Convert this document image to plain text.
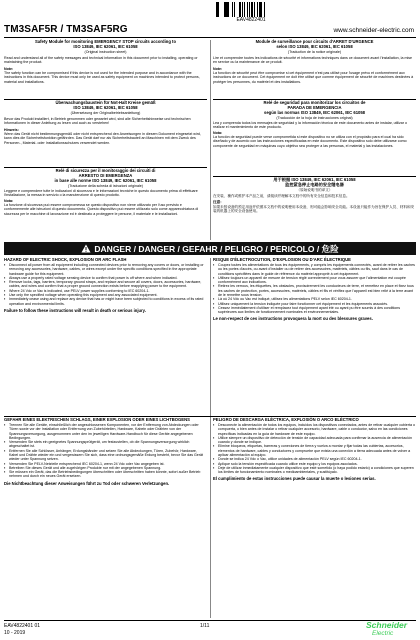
EAV4822401
TM3SAF5R / TM3SAF5RG	www.schneider-electric.com
Safety Module for monitoring EMERGENCY STOP circuits according to
ISO 13849, IEC 62061, IEC 61058
(Original instruction sheet)
Read and understand all of the safety messages and technical information in this document prior to installing, operating or maintaining the product.
Note:
The safety function can be compromised if this device is not used for the intended purpose and in accordance with the instructions in this document. This device must only be used as safety equipment on machines intended to protect persons, material and installations.
Überwachungsbaustein für Not-Halt Kreise gemäß
ISO 13849, IEC 62061, IEC 61058
(Übersetzung der Originalbetriebsanleitung)
Bevor das Produkt installiert, in Betrieb genommen oder gewartet wird, sind alle Sicherheitshinweise und technischen Informationen in dieser Anleitung zu lesen und auch zu verstehen!
Hinweis:
Wenn das Gerät nicht bestimmungsgemäß oder nicht entsprechend den Anweisungen in diesem Dokument eingesetzt wird, kann dies die Sicherheitsfunktion gefährden. Das Gerät darf nur als Sicherheitsbauteil an Maschinen mit dem Zweck des Personen-, Material- oder Installationsschutzes verwendet werden.
Relè di sicurezza per il monitoraggio dei circuiti di
ARRESTO DI EMERGENZA
in base alle norme ISO 13849, IEC 62061, IEC 61058
(Traduzione della scheda di istruzioni originale)
Leggere e comprendere tutte le indicazioni di sicurezza e le informazioni tecniche in questo documento prima di effettuare l'installazione, la messa in servizio o la manutenzione di questo prodotto.
Nota:
La funzione di sicurezza può essere compromessa se questo dispositivo non viene utilizzato per l'uso previsto e conformemente alle istruzioni di questo documento. Questo dispositivo può essere utilizzato solo come apparecchiatura di sicurezza per le macchine di lavorazione ed è destinato a proteggere le persone, il materiale e le installazioni.
Module de surveillance pour circuits d'ARRET D'URGENCE
selon ISO 13849, IEC 62061, IEC 61058
(Traduction de la notice originale)
Lire et comprendre toutes les indications de sécurité et informations techniques dans ce document avant l'installation, la mise en service ou la maintenance de ce produit.
Note:
La fonction de sécurité peut être compromise si cet équipement n'est pas utilisé pour l'usage prévu et conformément aux instructions de ce document. Cet équipement ne doit être utilisé que comme équipement de sécurité de machines destinées à protéger les personnes, du matériel et des installations.
Relé de seguridad para monitorizar los circuitos de
PARADA DE EMERGENCIA
según las normas ISO 13849, IEC 62061, IEC 61058
(Traducción de la hoja de instrucciones original)
Lea y comprenda todos los mensajes de seguridad y la información técnica de este documento antes de instalar, utilizar o realizar el mantenimiento de este producto.
Nota:
La función de seguridad puede verse comprometida si este dispositivo no se utiliza con el propósito para el cual ha sido diseñado y de acuerdo con las instrucciones especificadas en este documento. Este dispositivo solo debe utilizarse como componente de seguridad en máquinas cuyo objetivo sea proteger a las personas, el material y las instalaciones.
用于根据 ISO 13849, IEC 62061, IEC 61058
监控紧急停止电路的安全继电器
（原始说明书的译文）
在安装、操作或维护本产品之前，请阅读并理解本文档中的所有安全信息和技术信息。
注意：
如果未按设备的预定用途并依照本文档中的说明使用本设备，则可能会影响安全功能。本设备只能作为旨在保护人员、材料和安装的机器上的安全设备使用。
DANGER / DANGER / GEFAHR / PELIGRO / PERICOLO / 危险
HAZARD OF ELECTRIC SHOCK, EXPLOSION OR ARC FLASH
▪ Disconnect all power from all equipment including connected devices prior to removing any covers or doors, or installing or removing any accessories, hardware, cables, or wires except under the specific conditions specified in the appropriate hardware guide for this equipment.
▪ Always use a properly rated voltage sensing device to confirm that power is off where and when indicated.
▪ Remove locks, tags, barriers, temporary ground straps, and replace and secure all covers, doors, accessories, hardware, cables, and wires and confirm that a proper ground connection exists before reapplying power to the equipment.
▪ Where 24 Vdc or Vac is indicated, use PELV power supplies conforming to IEC 60204-1.
▪ Use only the specified voltage when operating this equipment and any associated equipment.
▪ Immediately cease using and replace any device that has or might have been subjected to conditions in excess of its rated operation and environmental limits.
Failure to follow these instructions will result in death or serious injury.
RISQUE D'ÉLECTROCUTION, D'EXPLOSION OU D'ARC ÉLECTRIQUE
▪ Coupez toutes les alimentations de tous les équipements, y compris les équipements connectés, avant de retirer les caches ou les portes d'accès, ou avant d'installer ou de retirer des accessoires, matériels, câbles ou fils, sauf dans le cas de conditions spécifiées dans le guide de référence du matériel approprié à cet équipement.
▪ Utilisez toujours un appareil de mesure de tension réglé correctement pour vous assurer que l'alimentation est coupée conformément aux indications.
▪ Retirez les verrous, les étiquettes, les obstacles, provisoirement les conducteurs de terre, et remettez en place et fixez tous les caches de protection, portes, accessoires, matériels, câbles et fils et vérifiez que l'appareil est bien relié à la terre avant de le remettre sous tension.
▪ Là où 24 Vdc ou Vac est indiqué, utilisez les alimentations PELV selon IEC 60204-1.
▪ Utilisez uniquement la tension indiquée pour faire fonctionner cet équipement et les équipements associés.
▪ Cessez immédiatement d'utiliser et remplacez tout équipement ayant été ou ayant pu être soumis à des conditions supérieures aux limites de fonctionnement nominales et environnementales.
Le non-respect de ces instructions provoquera la mort ou des blessures graves.
GEFAHR EINES ELEKTRISCHEN SCHLAGS, EINER EXPLOSION ODER EINES LICHTBOGENS
▪ Trennen Sie alle Geräte, einschließlich der angeschlossenen Komponenten, vor der Entfernung von Abdeckungen oder Türen sowie vor der Installation oder Entfernung von Zubehörteilen, Hardware, Kabeln oder Drähten von der Spannungsversorgung, ausgenommen unter den im jeweiligen Hardware-Handbuch für diese Geräte angegebenen Bedingungen.
▪ Verwenden Sie stets ein geeignetes Spannungsprüfgerät, um festzustellen, ob die Spannungsversorgung wirklich abgeschaltet ist.
▪ Entfernen Sie alle Schlösser, Anhänger, Erdungsbänder und setzen Sie alle Abdeckungen, Türen, Zubehör, Hardware, Kabel und Drähte wieder ein und vergewissern Sie sich, dass eine ordnungsgemäße Erdung besteht, bevor Sie das Gerät wieder unter Spannung setzen.
▪ Verwenden Sie PELV-Netzteile entsprechend IEC 60204-1, wenn 24 Vdc oder Vac angegeben ist.
▪ Betreiben Sie dieses Gerät und alle zugehörigen Produkte nur mit der angegebenen Spannung.
▪ Sie müssen ein Gerät, das die Betriebsbedingungen überschritten oder überschritten haben könnte, sofort außer Betrieb nehmen und durch ein neues Gerät ersetzen.
Die Nichtbeachtung dieser Anweisungen führt zu Tod oder schweren Verletzungen.
PELIGRO DE DESCARGA ELÉCTRICA, EXPLOSIÓN O ARCO ELÉCTRICO
▪ Desconecte la alimentación de todos los equipos, incluidos los dispositivos conectados, antes de retirar cualquier cubierta o compuerta, o bien antes de instalar o retirar cualquier accesorio, hardware, cable o conductor, salvo en las condiciones específicas indicadas en la guía de hardware de este equipo.
▪ Utilice siempre un dispositivo de detección de tensión de capacidad adecuada para confirmar la ausencia de alimentación cuando y donde se indique.
▪ Elimine bloqueos, etiquetas, barreras y conexiones de tierra y vuelva a montar y fijar todas las cubiertas, accesorios, elementos de hardware, cables y conductores y compruebe que exista una conexión a tierra adecuada antes de volver a aplicar alimentación al equipo.
▪ Donde se indica 24 Vdc o Vac, utilice unidades de alimentación PELV según IEC 60204-1.
▪ Aplique solo la tensión especificada cuando utilice este equipo y los equipos asociados.
▪ Deje de utilizar inmediatamente cualquier dispositivo que esté sometido (o haya podido estarlo) a condiciones que superen los límites de funcionamiento nominales o medioambientales, y sustitúyalo.
El cumplimiento de estas instrucciones puede causar la muerte o lesiones serias.
EAV4822401 01
10 - 2019
1/11	Schneider
Electric
